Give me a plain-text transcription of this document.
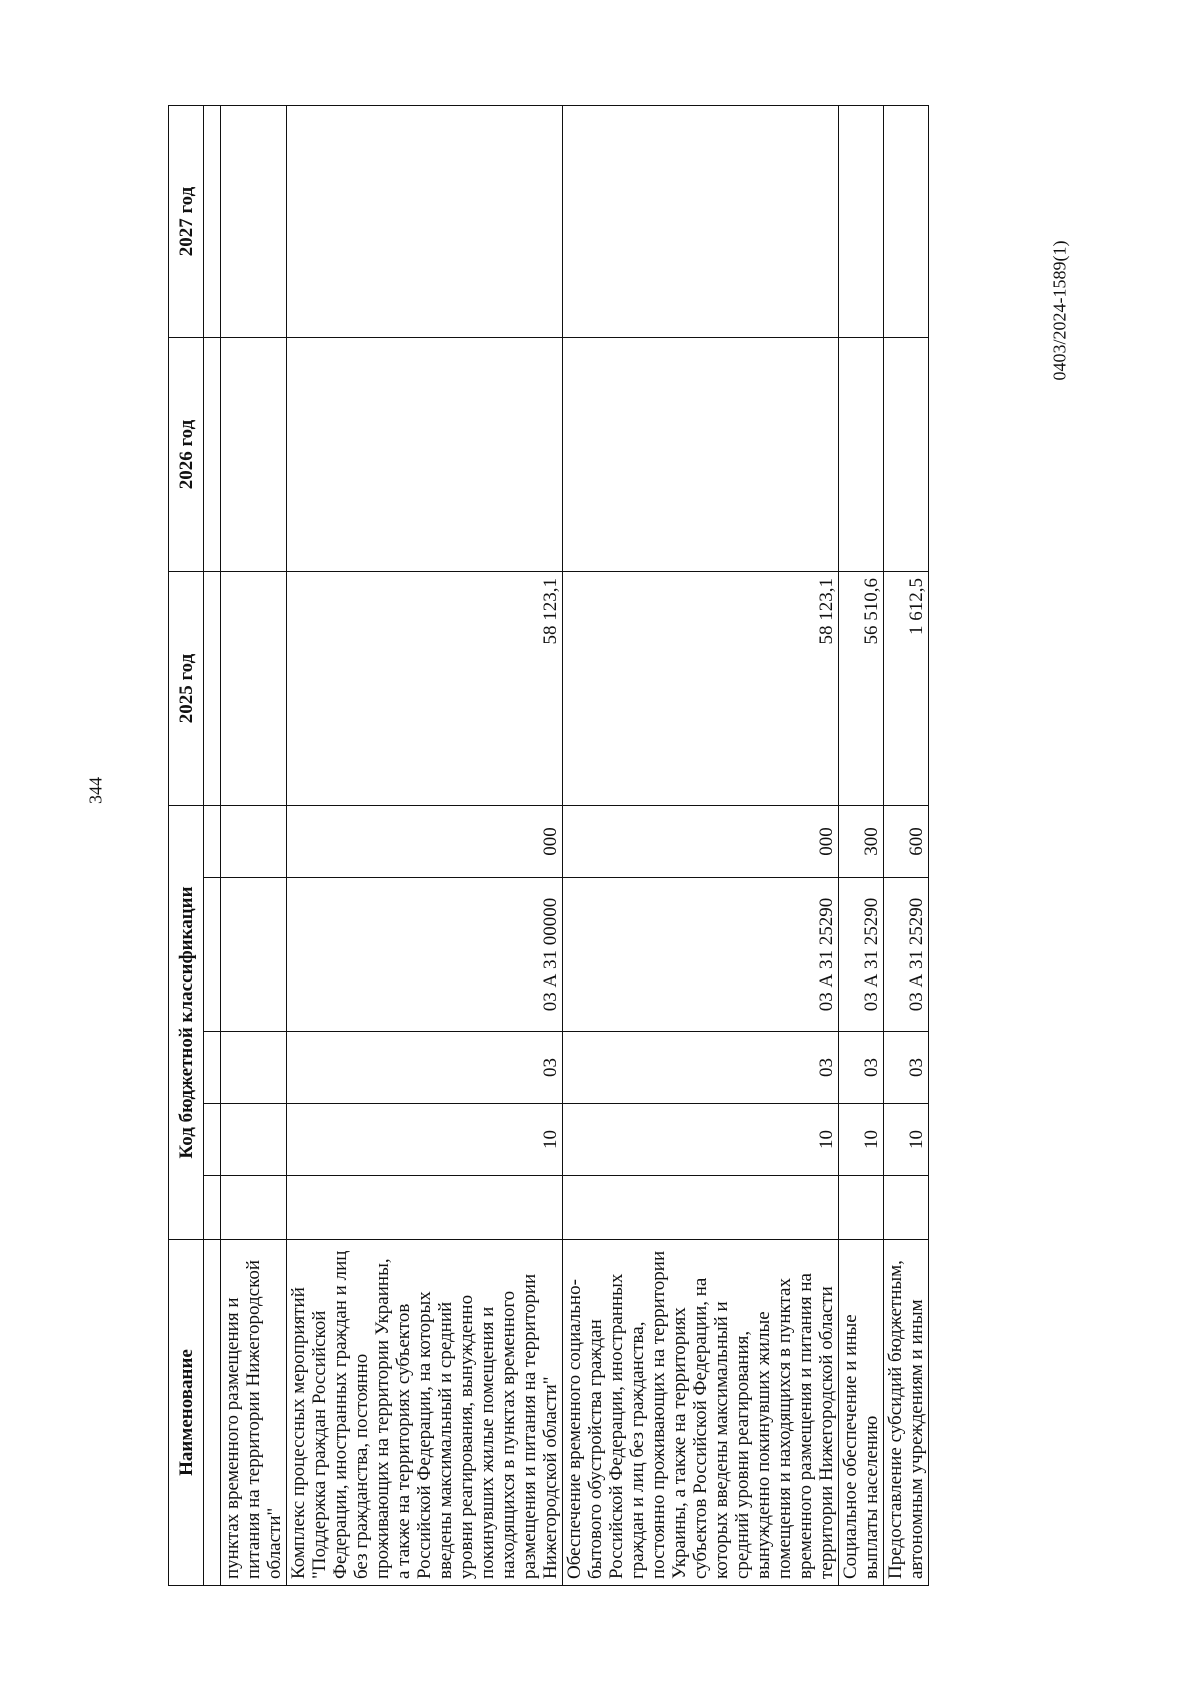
344
0403/2024-1589(1)
Наименование	Код бюджетной классификации					2025 год	2026 год	2027 год

пунктах временного размещения и питания на территории Нижегородской области"								
Комплекс процессных мероприятий "Поддержка граждан Российской Федерации, иностранных граждан и лиц без гражданства, постоянно проживающих на территории Украины, а также на территориях субъектов Российской Федерации, на которых введены максимальный и средний уровни реагирования, вынужденно покинувших жилые помещения и находящихся в пунктах временного размещения и питания на территории Нижегородской области"		10	03	03 А 31 00000	000	58 123,1		
Обеспечение временного социально-бытового обустройства граждан Российской Федерации, иностранных граждан и лиц без гражданства, постоянно проживающих на территории Украины, а также на территориях субъектов Российской Федерации, на которых введены максимальный и средний уровни реагирования, вынужденно покинувших жилые помещения и находящихся в пунктах временного размещения и питания на территории Нижегородской области		10	03	03 А 31 25290	000	58 123,1		
Социальное обеспечение и иные выплаты населению		10	03	03 А 31 25290	300	56 510,6		
Предоставление субсидий бюджетным, автономным учреждениям и иным		10	03	03 А 31 25290	600	1 612,5		
